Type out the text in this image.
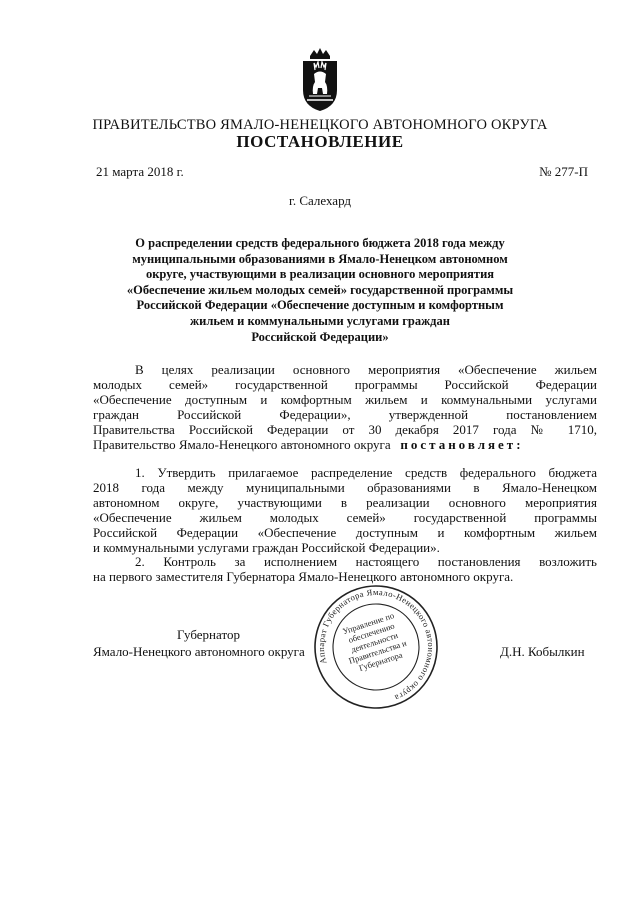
ПРАВИТЕЛЬСТВО ЯМАЛО-НЕНЕЦКОГО АВТОНОМНОГО ОКРУГА
ПОСТАНОВЛЕНИЕ
21 марта 2018 г.	№ 277-П
г. Салехард
О распределении средств федерального бюджета 2018 года между
муниципальными образованиями в Ямало-Ненецком автономном
округе, участвующими в реализации основного мероприятия
«Обеспечение жильем молодых семей» государственной программы
Российской Федерации «Обеспечение доступным и комфортным
жильем и коммунальными услугами граждан
Российской Федерации»
В целях реализации основного мероприятия «Обеспечение жильем
молодых семей» государственной программы Российской Федерации
«Обеспечение доступным и комфортным жильем и коммунальными услугами
граждан Российской Федерации», утвержденной постановлением
Правительства Российской Федерации от 30 декабря 2017 года № 1710,
Правительство Ямало-Ненецкого автономного округа постановляет:
1. Утвердить прилагаемое распределение средств федерального бюджета
2018 года между муниципальными образованиями в Ямало-Ненецком
автономном округе, участвующими в реализации основного мероприятия
«Обеспечение жильем молодых семей» государственной программы
Российской Федерации «Обеспечение доступным и комфортным жильем
и коммунальными услугами граждан Российской Федерации».
2. Контроль за исполнением настоящего постановления возложить
на первого заместителя Губернатора Ямало-Ненецкого автономного округа.
Губернатор
Ямало-Ненецкого автономного округа	Д.Н. Кобылкин
Аппарат Губернатора Ямало-Ненецкого автономного округа
Управление по обеспечению деятельности Правительства и Губернатора
